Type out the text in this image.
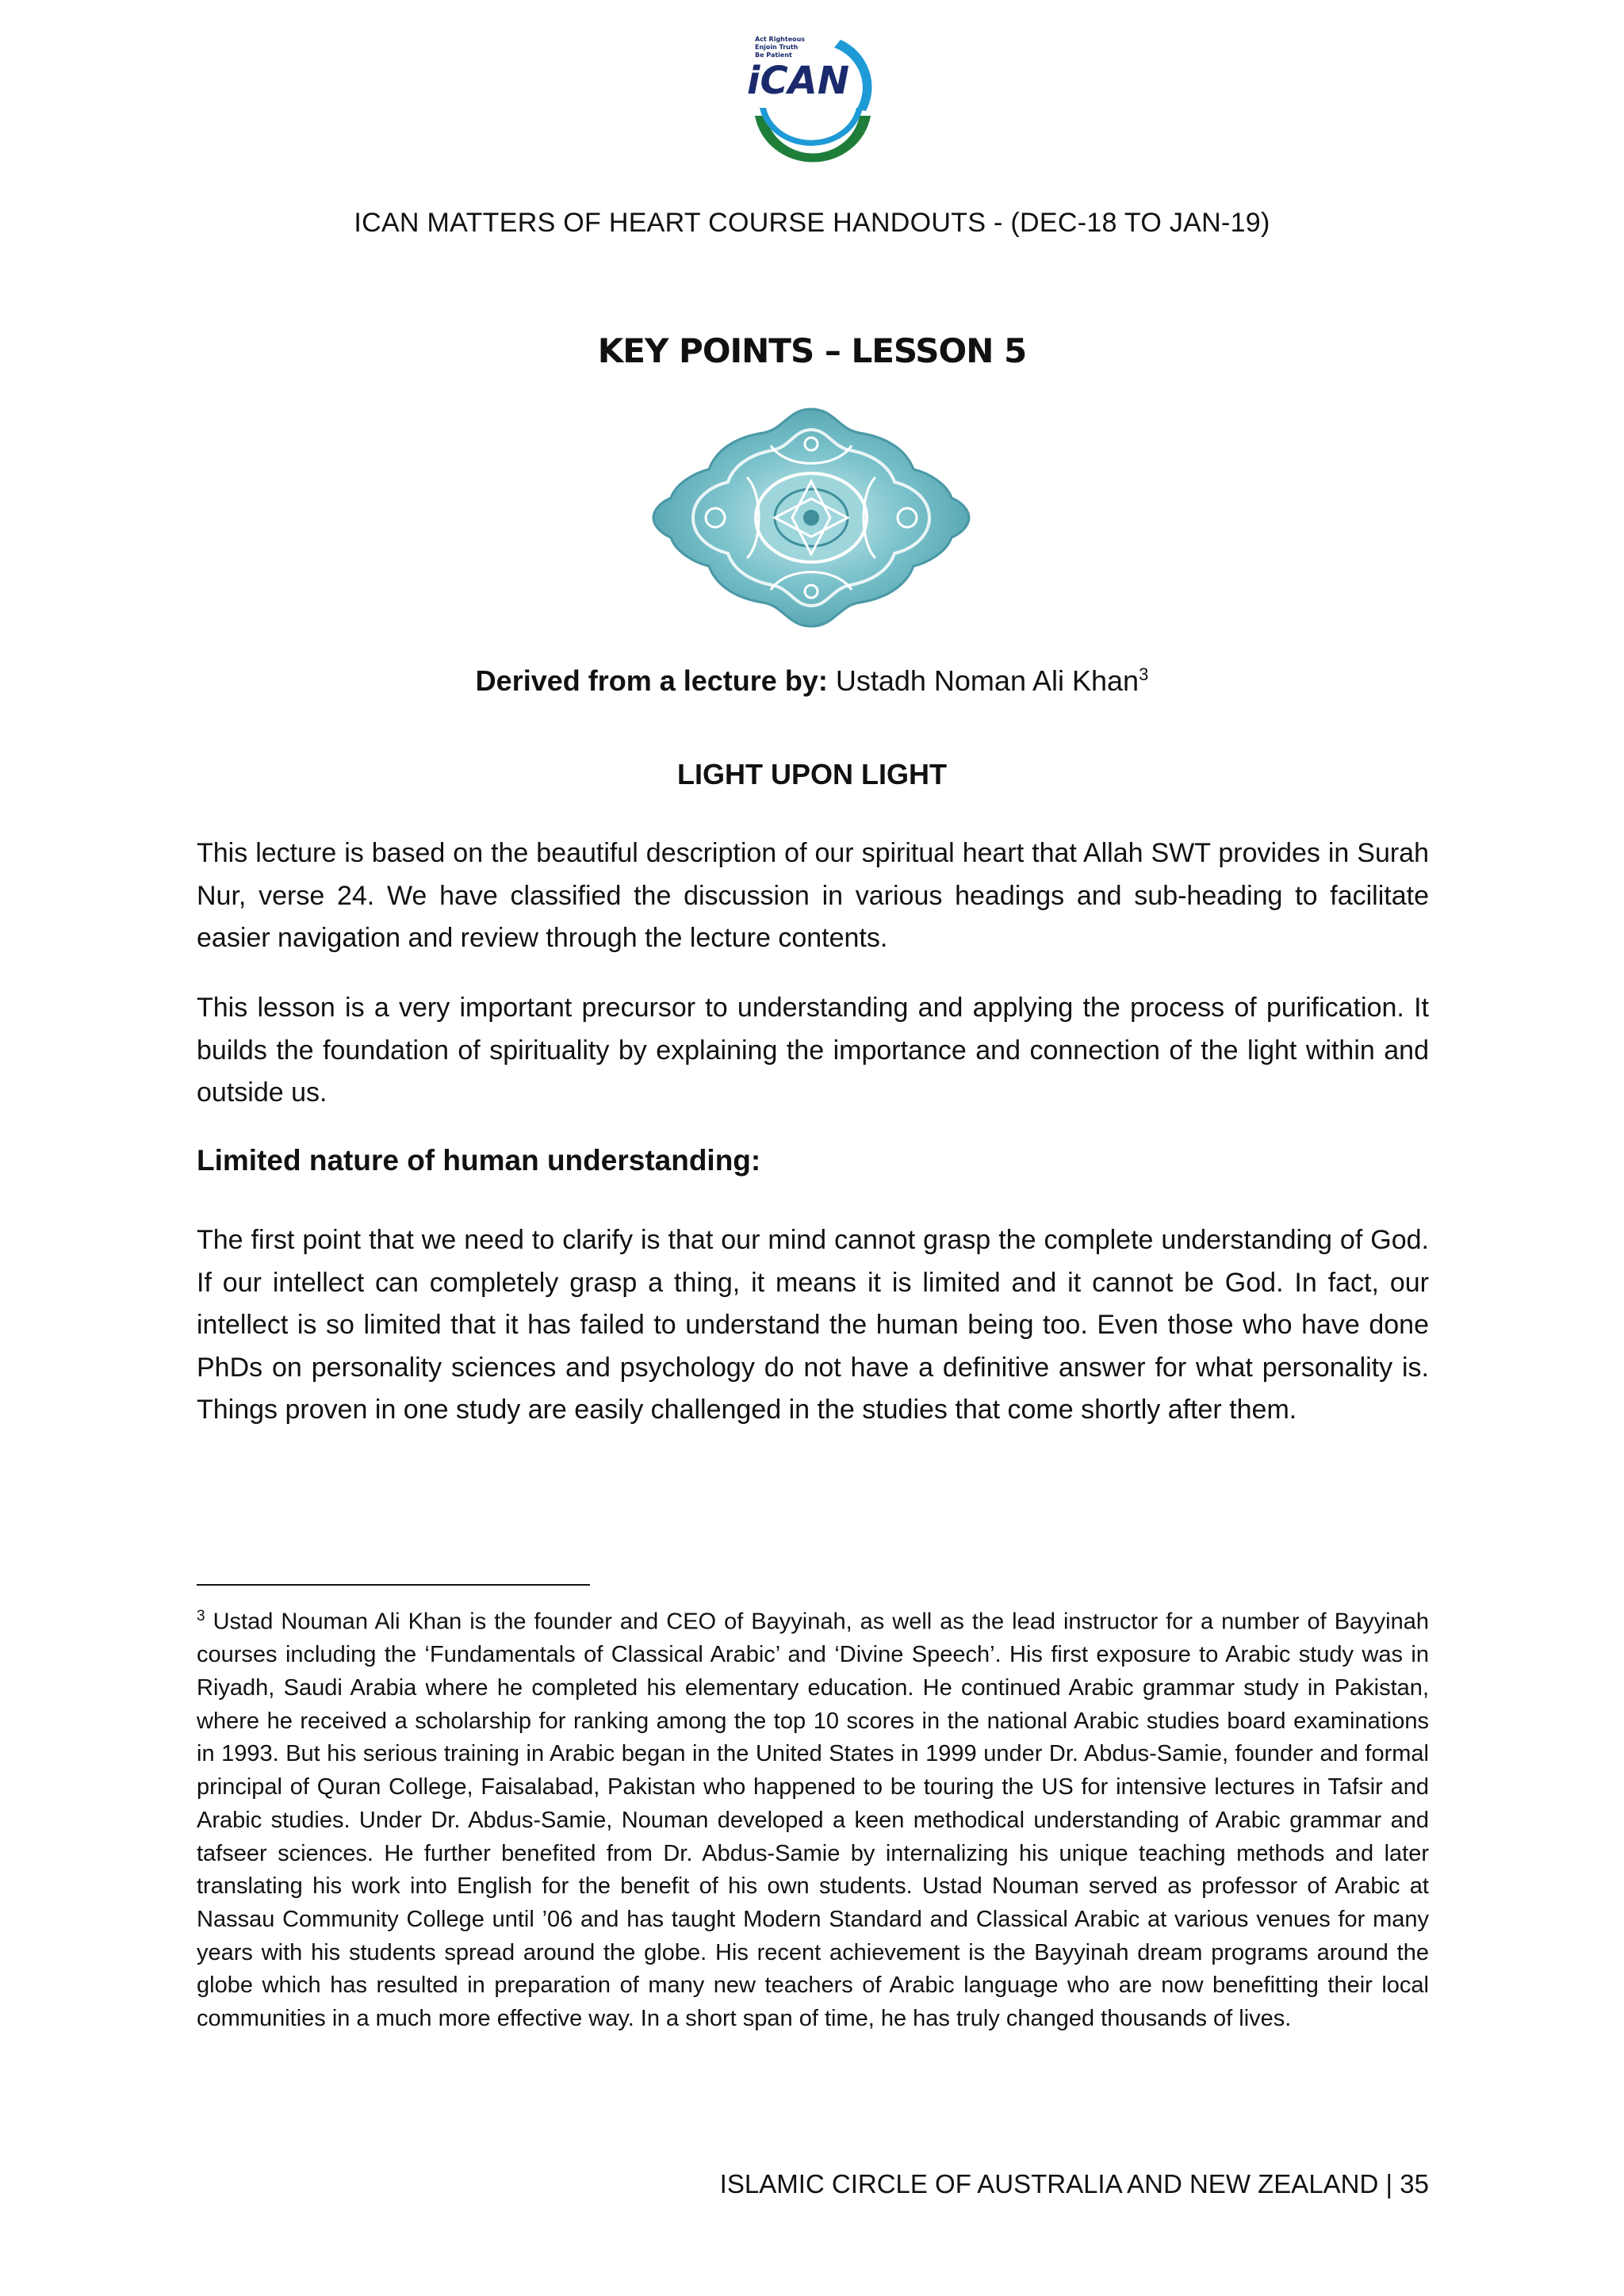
Act Righteous
Enjoin Truth
Be Patient
iCAN
ICAN MATTERS OF HEART COURSE HANDOUTS - (DEC-18 TO JAN-19)
KEY POINTS – LESSON 5
Derived from a lecture by: Ustadh Noman Ali Khan$^3$
LIGHT UPON LIGHT
This lecture is based on the beautiful description of our spiritual heart that Allah SWT provides in Surah Nur, verse 24. We have classified the discussion in various headings and sub-heading to facilitate easier navigation and review through the lecture contents.
This lesson is a very important precursor to understanding and applying the process of purification. It builds the foundation of spirituality by explaining the importance and connection of the light within and outside us.
Limited nature of human understanding:
The first point that we need to clarify is that our mind cannot grasp the complete understanding of God. If our intellect can completely grasp a thing, it means it is limited and it cannot be God. In fact, our intellect is so limited that it has failed to understand the human being too. Even those who have done PhDs on personality sciences and psychology do not have a definitive answer for what personality is. Things proven in one study are easily challenged in the studies that come shortly after them.
$^3$ Ustad Nouman Ali Khan is the founder and CEO of Bayyinah, as well as the lead instructor for a number of Bayyinah courses including the ‘Fundamentals of Classical Arabic’ and ‘Divine Speech’. His first exposure to Arabic study was in Riyadh, Saudi Arabia where he completed his elementary education. He continued Arabic grammar study in Pakistan, where he received a scholarship for ranking among the top 10 scores in the national Arabic studies board examinations in 1993. But his serious training in Arabic began in the United States in 1999 under Dr. Abdus-Samie, founder and formal principal of Quran College, Faisalabad, Pakistan who happened to be touring the US for intensive lectures in Tafsir and Arabic studies. Under Dr. Abdus-Samie, Nouman developed a keen methodical understanding of Arabic grammar and tafseer sciences. He further benefited from Dr. Abdus-Samie by internalizing his unique teaching methods and later translating his work into English for the benefit of his own students. Ustad Nouman served as professor of Arabic at Nassau Community College until ’06 and has taught Modern Standard and Classical Arabic at various venues for many years with his students spread around the globe. His recent achievement is the Bayyinah dream programs around the globe which has resulted in preparation of many new teachers of Arabic language who are now benefitting their local communities in a much more effective way. In a short span of time, he has truly changed thousands of lives.
ISLAMIC CIRCLE OF AUSTRALIA AND NEW ZEALAND | 35
